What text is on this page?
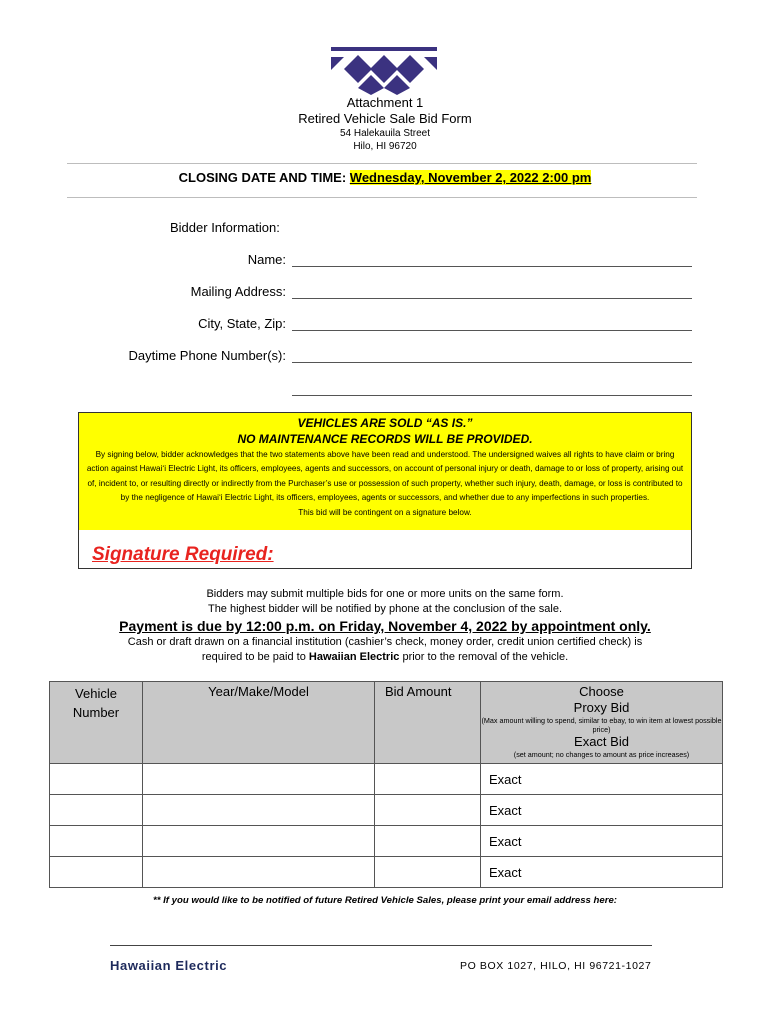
Attachment 1
Retired Vehicle Sale Bid Form
54 Halekauila Street
Hilo, HI 96720
CLOSING DATE AND TIME: Wednesday, November 2, 2022 2:00 pm
Bidder Information:
Name:
Mailing Address:
City, State, Zip:
Daytime Phone Number(s):
VEHICLES ARE SOLD “AS IS.”
NO MAINTENANCE RECORDS WILL BE PROVIDED.
By signing below, bidder acknowledges that the two statements above have been read and understood. The undersigned waives all rights to have claim or bring action against Hawaiʻi Electric Light, its officers, employees, agents and successors, on account of personal injury or death, damage to or loss of property, arising out of, incident to, or resulting directly or indirectly from the Purchaser’s use or possession of such property, whether such injury, death, damage, or loss is contributed to by the negligence of Hawaiʻi Electric Light, its officers, employees, agents or successors, and whether due to any imperfections in such properties.
This bid will be contingent on a signature below.
Signature Required:
Bidders may submit multiple bids for one or more units on the same form.
The highest bidder will be notified by phone at the conclusion of the sale.
Payment is due by 12:00 p.m. on Friday, November 4, 2022 by appointment only.
Cash or draft drawn on a financial institution (cashier’s check, money order, credit union certified check) is
required to be paid to Hawaiian Electric prior to the removal of the vehicle.
Vehicle
Number	Year/Make/Model	Bid Amount	Choose
Proxy Bid
(Max amount willing to spend, similar to ebay, to win item at lowest possible price)
Exact Bid
(set amount; no changes to amount as price increases)

			Exact
			Exact
			Exact
			Exact
** If you would like to be notified of future Retired Vehicle Sales, please print your email address here:
Hawaiian Electric	PO BOX 1027, HILO, HI 96721-1027
